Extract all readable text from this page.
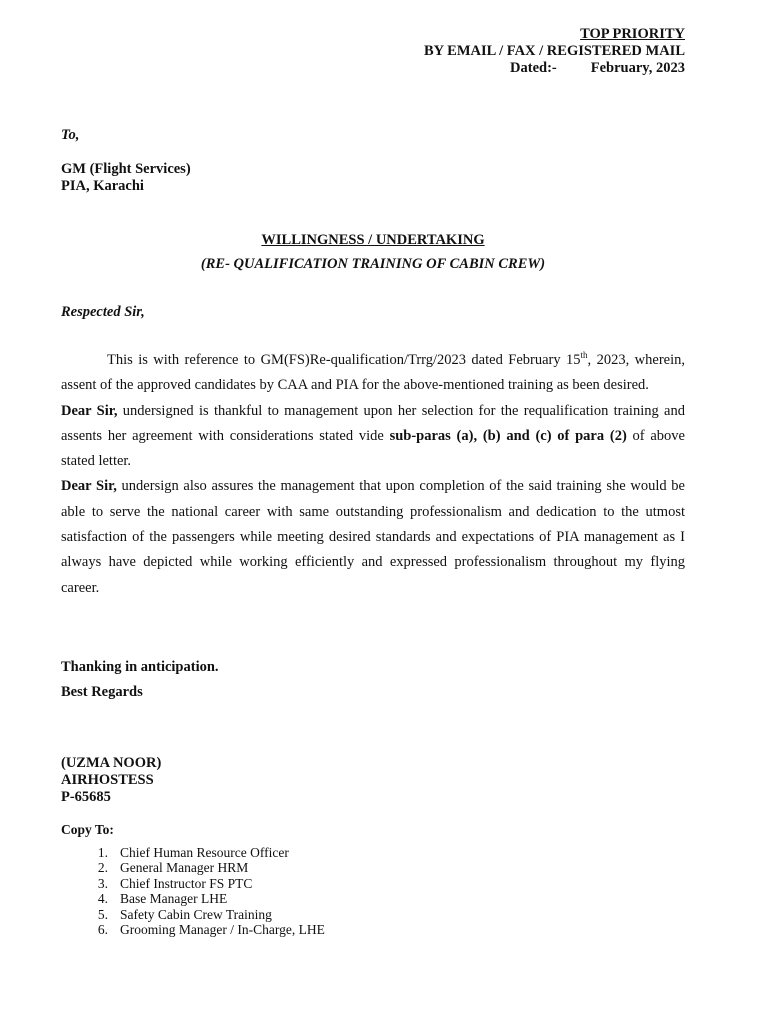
TOP PRIORITY
BY EMAIL / FAX / REGISTERED MAIL
Dated:- February, 2023
To,
GM (Flight Services)
PIA, Karachi
WILLINGNESS / UNDERTAKING
(RE- QUALIFICATION TRAINING OF CABIN CREW)
Respected Sir,

This is with reference to GM(FS)Re-qualification/Trrg/2023 dated February 15th, 2023, wherein, assent of the approved candidates by CAA and PIA for the above-mentioned training as been desired.

Dear Sir, undersigned is thankful to management upon her selection for the requalification training and assents her agreement with considerations stated vide sub-paras (a), (b) and (c) of para (2) of above stated letter.

Dear Sir, undersign also assures the management that upon completion of the said training she would be able to serve the national career with same outstanding professionalism and dedication to the utmost satisfaction of the passengers while meeting desired standards and expectations of PIA management as I always have depicted while working efficiently and expressed professionalism throughout my flying career.

Thanking in anticipation.
Best Regards
(UZMA NOOR)
AIRHOSTESS
P-65685
Copy To:
1. Chief Human Resource Officer
2. General Manager HRM
3. Chief Instructor FS PTC
4. Base Manager LHE
5. Safety Cabin Crew Training
6. Grooming Manager / In-Charge, LHE
